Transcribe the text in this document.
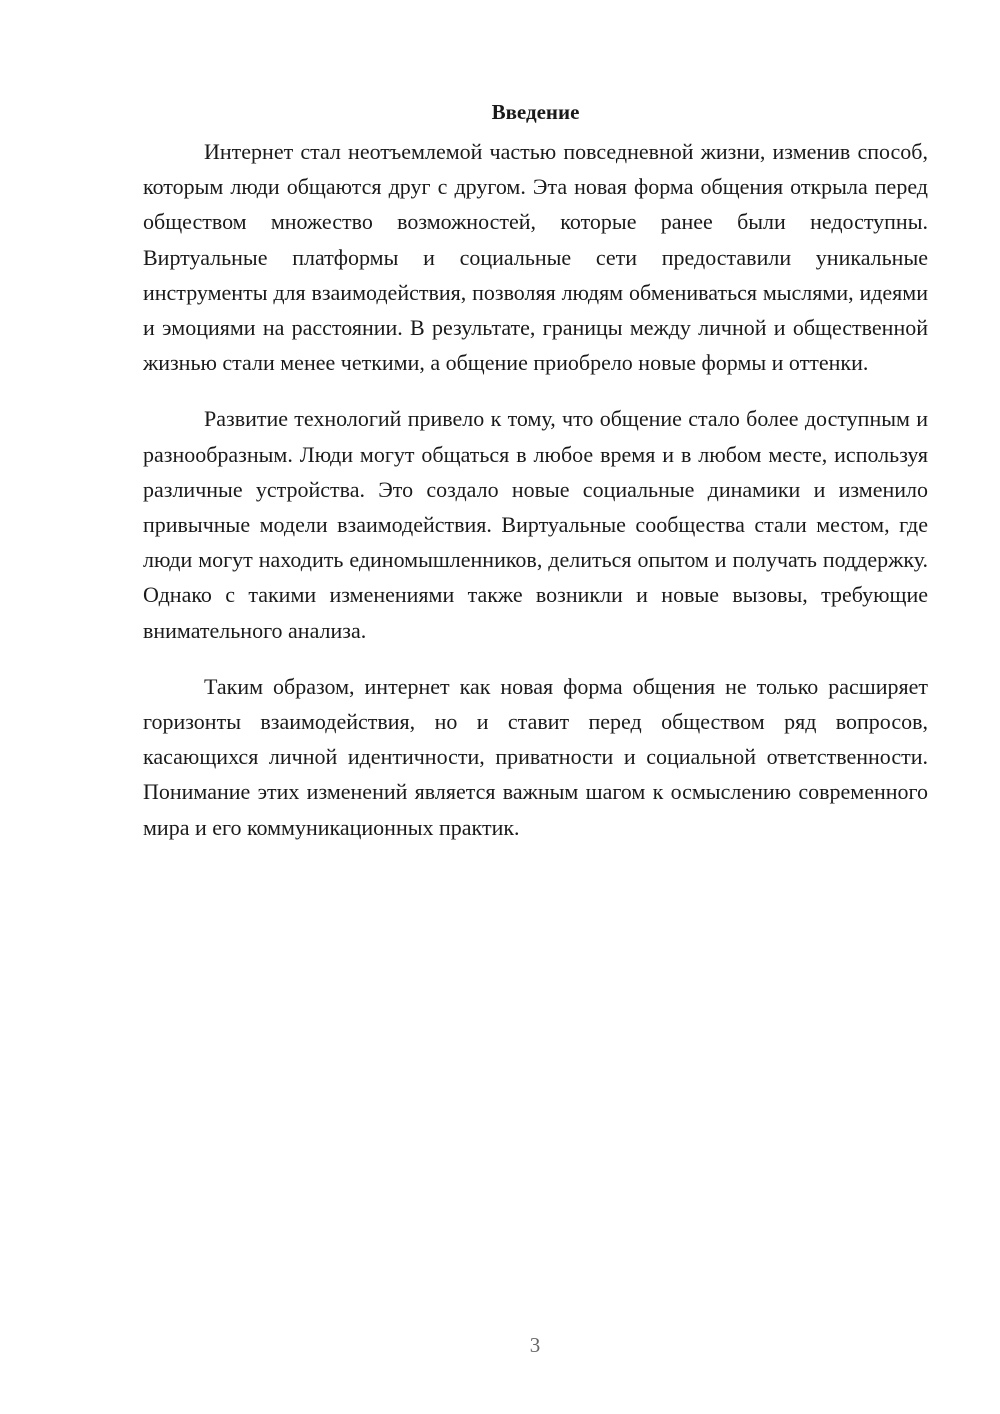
Введение

Интернет стал неотъемлемой частью повседневной жизни, изменив способ, которым люди общаются друг с другом. Эта новая форма общения открыла перед обществом множество возможностей, которые ранее были недоступны. Виртуальные платформы и социальные сети предоставили уникальные инструменты для взаимодействия, позволяя людям обмениваться мыслями, идеями и эмоциями на расстоянии. В результате, границы между личной и общественной жизнью стали менее четкими, а общение приобрело новые формы и оттенки.

Развитие технологий привело к тому, что общение стало более доступным и разнообразным. Люди могут общаться в любое время и в любом месте, используя различные устройства. Это создало новые социальные динамики и изменило привычные модели взаимодействия. Виртуальные сообщества стали местом, где люди могут находить единомышленников, делиться опытом и получать поддержку. Однако с такими изменениями также возникли и новые вызовы, требующие внимательного анализа.

Таким образом, интернет как новая форма общения не только расширяет горизонты взаимодействия, но и ставит перед обществом ряд вопросов, касающихся личной идентичности, приватности и социальной ответственности. Понимание этих изменений является важным шагом к осмыслению современного мира и его коммуникационных практик.

3
